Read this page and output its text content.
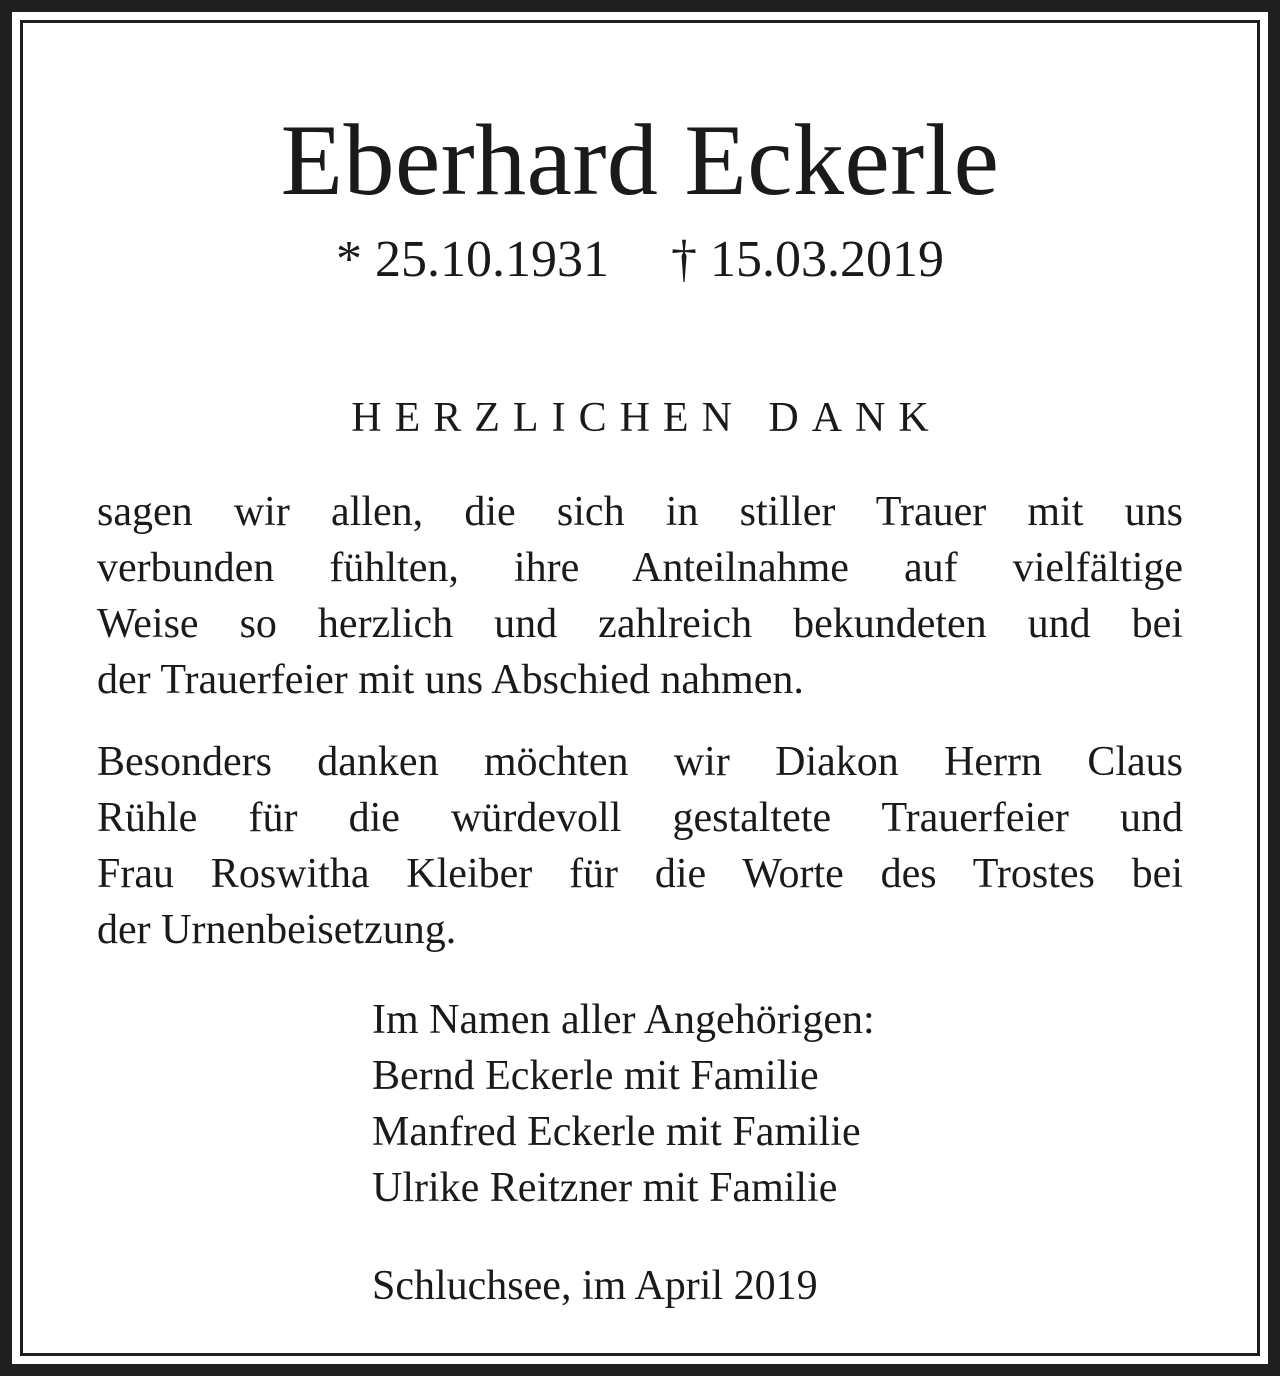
Eberhard Eckerle
* 25.10.1931 † 15.03.2019
HERZLICHEN DANK
sagen wir allen, die sich in stiller Trauer mit uns
verbunden fühlten, ihre Anteilnahme auf vielfältige
Weise so herzlich und zahlreich bekundeten und bei
der Trauerfeier mit uns Abschied nahmen.
Besonders danken möchten wir Diakon Herrn Claus
Rühle für die würdevoll gestaltete Trauerfeier und
Frau Roswitha Kleiber für die Worte des Trostes bei
der Urnenbeisetzung.
Im Namen aller Angehörigen:
Bernd Eckerle mit Familie
Manfred Eckerle mit Familie
Ulrike Reitzner mit Familie
Schluchsee, im April 2019
